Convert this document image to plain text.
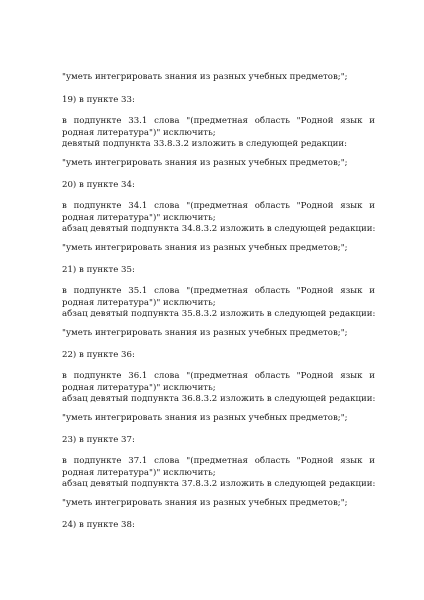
"уметь интегрировать знания из разных учебных предметов;";

19) в пункте 33:

в подпункте 33.1 слова "(предметная область "Родной язык и родная литература")" исключить;

девятый подпункта 33.8.3.2 изложить в следующей редакции:

"уметь интегрировать знания из разных учебных предметов;";

20) в пункте 34:

в подпункте 34.1 слова "(предметная область "Родной язык и родная литература")" исключить;

абзац девятый подпункта 34.8.3.2 изложить в следующей редакции:

"уметь интегрировать знания из разных учебных предметов;";

21) в пункте 35:

в подпункте 35.1 слова "(предметная область "Родной язык и родная литература")" исключить;

абзац девятый подпункта 35.8.3.2 изложить в следующей редакции:

"уметь интегрировать знания из разных учебных предметов;";

22) в пункте 36:

в подпункте 36.1 слова "(предметная область "Родной язык и родная литература")" исключить;

абзац девятый подпункта 36.8.3.2 изложить в следующей редакции:

"уметь интегрировать знания из разных учебных предметов;";

23) в пункте 37:

в подпункте 37.1 слова "(предметная область "Родной язык и родная литература")" исключить;

абзац девятый подпункта 37.8.3.2 изложить в следующей редакции:

"уметь интегрировать знания из разных учебных предметов;";

24) в пункте 38:
